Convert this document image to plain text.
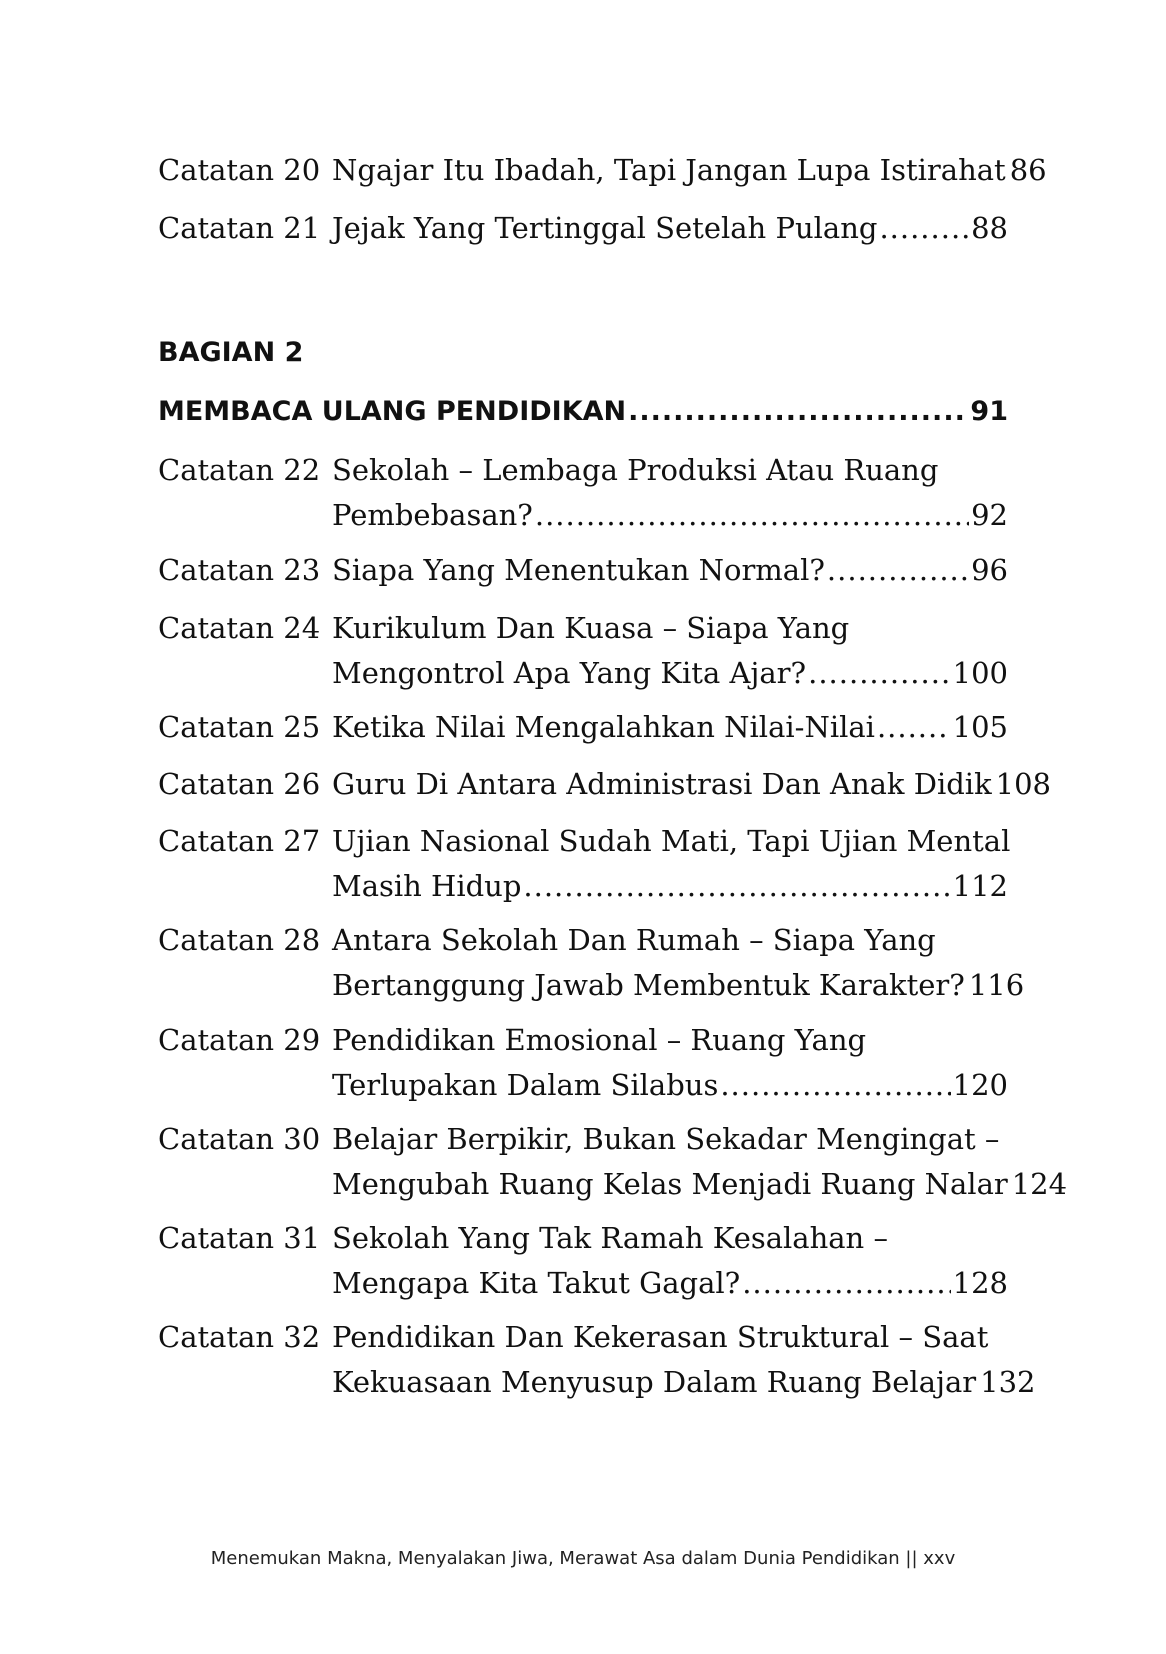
Catatan 20 Ngajar Itu Ibadah, Tapi Jangan Lupa Istirahat 86
Catatan 21 Jejak Yang Tertinggal Setelah Pulang .....	88
BAGIAN 2
MEMBACA ULANG PENDIDIKAN .....	91
Catatan 22 Sekolah – Lembaga Produksi Atau Ruang
Pembebasan? .....	92
Catatan 23 Siapa Yang Menentukan Normal? .....	96
Catatan 24 Kurikulum Dan Kuasa – Siapa Yang
Mengontrol Apa Yang Kita Ajar? .....	100
Catatan 25 Ketika Nilai Mengalahkan Nilai-Nilai .....	105
Catatan 26 Guru Di Antara Administrasi Dan Anak Didik 108
Catatan 27 Ujian Nasional Sudah Mati, Tapi Ujian Mental
Masih Hidup .....	112
Catatan 28 Antara Sekolah Dan Rumah – Siapa Yang
Bertanggung Jawab Membentuk Karakter? 116
Catatan 29 Pendidikan Emosional – Ruang Yang
Terlupakan Dalam Silabus .....	120
Catatan 30 Belajar Berpikir, Bukan Sekadar Mengingat –
Mengubah Ruang Kelas Menjadi Ruang Nalar 124
Catatan 31 Sekolah Yang Tak Ramah Kesalahan –
Mengapa Kita Takut Gagal? .....	128
Catatan 32 Pendidikan Dan Kekerasan Struktural – Saat
Kekuasaan Menyusup Dalam Ruang Belajar 132
Menemukan Makna, Menyalakan Jiwa, Merawat Asa dalam Dunia Pendidikan || xxv
